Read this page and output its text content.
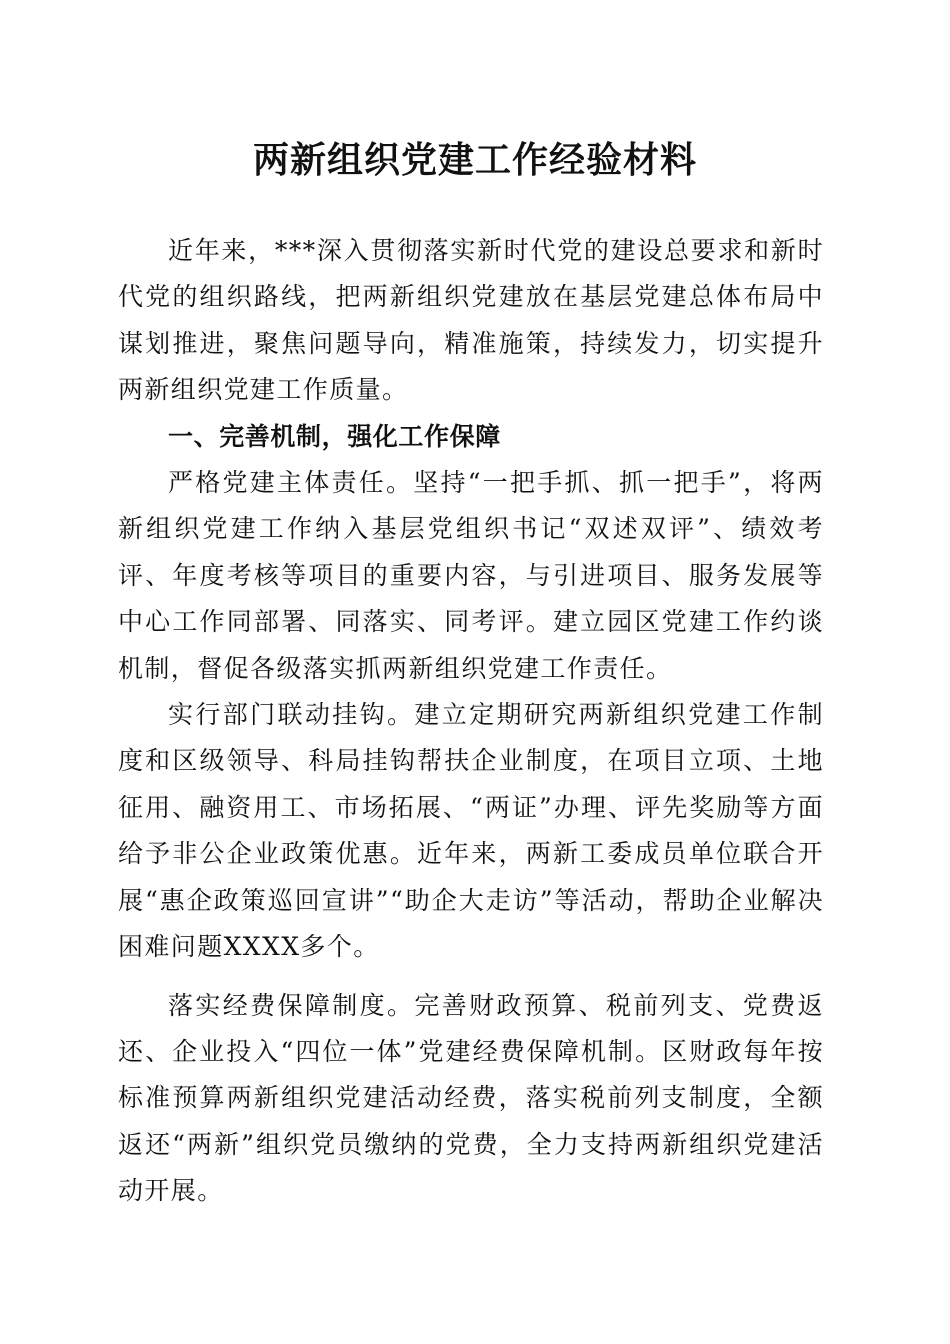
两新组织党建工作经验材料

近年来，***深入贯彻落实新时代党的建设总要求和新时代党的组织路线，把两新组织党建放在基层党建总体布局中谋划推进，聚焦问题导向，精准施策，持续发力，切实提升两新组织党建工作质量。

一、完善机制，强化工作保障

严格党建主体责任。坚持“一把手抓、抓一把手”，将两新组织党建工作纳入基层党组织书记“双述双评”、绩效考评、年度考核等项目的重要内容，与引进项目、服务发展等中心工作同部署、同落实、同考评。建立园区党建工作约谈机制，督促各级落实抓两新组织党建工作责任。

实行部门联动挂钩。建立定期研究两新组织党建工作制度和区级领导、科局挂钩帮扶企业制度，在项目立项、土地征用、融资用工、市场拓展、“两证”办理、评先奖励等方面给予非公企业政策优惠。近年来，两新工委成员单位联合开展“惠企政策巡回宣讲”“助企大走访”等活动，帮助企业解决困难问题XXXX多个。

落实经费保障制度。完善财政预算、税前列支、党费返还、企业投入“四位一体”党建经费保障机制。区财政每年按标准预算两新组织党建活动经费，落实税前列支制度，全额返还“两新”组织党员缴纳的党费，全力支持两新组织党建活动开展。
